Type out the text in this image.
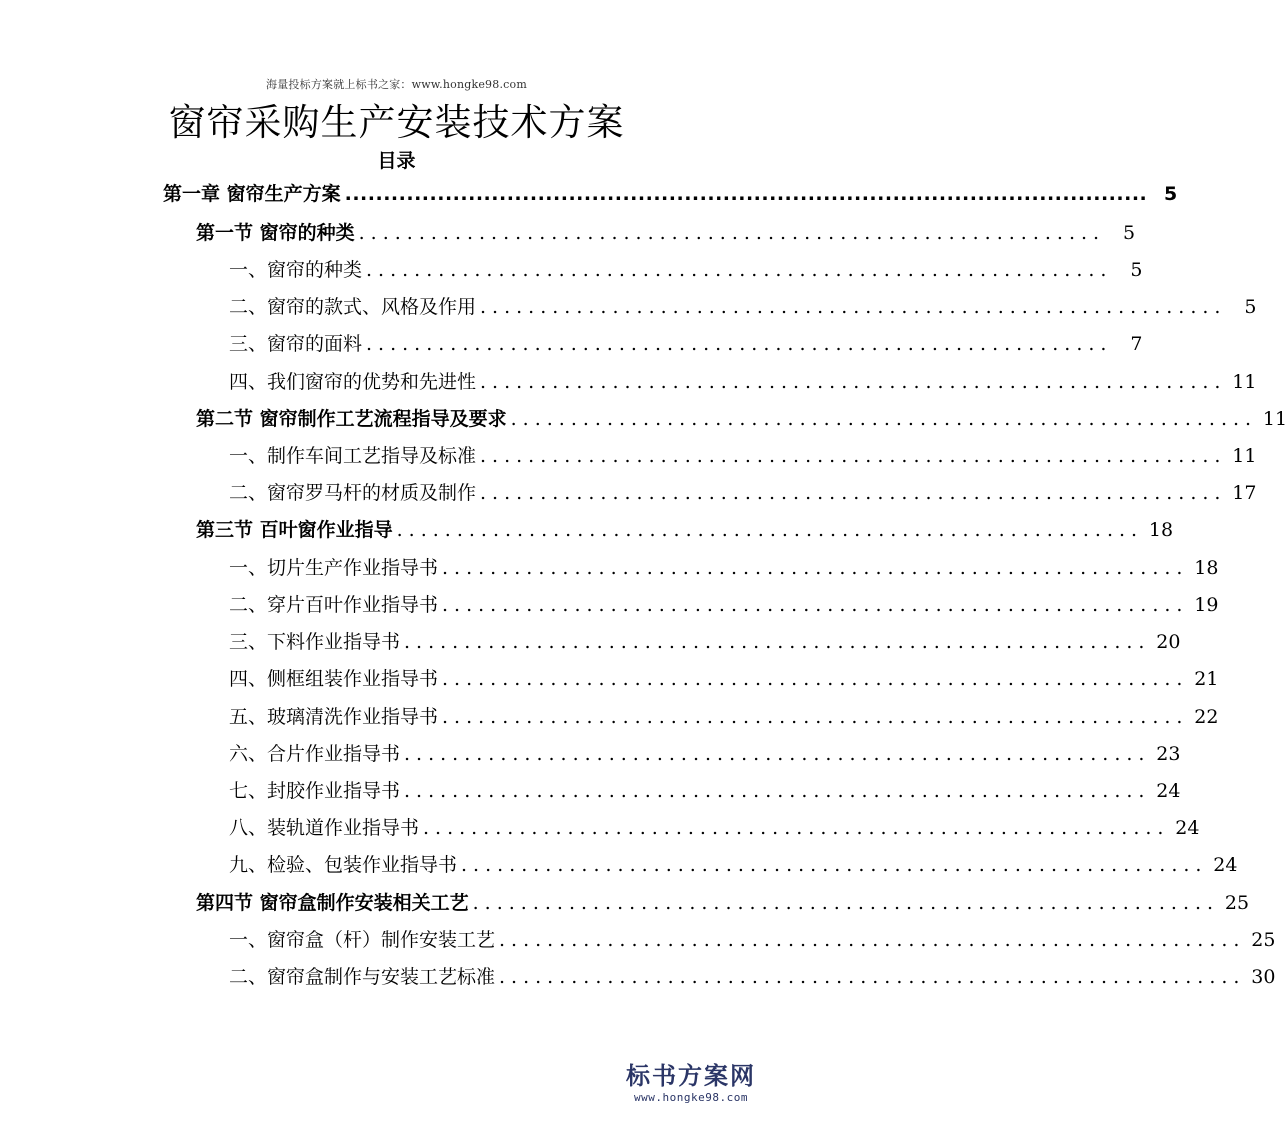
海量投标方案就上标书之家：www.hongke98.com
窗帘采购生产安装技术方案
目录
第一章 窗帘生产方案 ........................................................................................................ 5
第一节 窗帘的种类 .............................................................. 5
一、窗帘的种类 .............................................................. 5
二、窗帘的款式、风格及作用 .............................................................. 5
三、窗帘的面料 .............................................................. 7
四、我们窗帘的优势和先进性 .............................................................. 11
第二节 窗帘制作工艺流程指导及要求 .............................................................. 11
一、制作车间工艺指导及标准 .............................................................. 11
二、窗帘罗马杆的材质及制作 .............................................................. 17
第三节 百叶窗作业指导 .............................................................. 18
一、切片生产作业指导书 .............................................................. 18
二、穿片百叶作业指导书 .............................................................. 19
三、下料作业指导书 .............................................................. 20
四、侧框组装作业指导书 .............................................................. 21
五、玻璃清洗作业指导书 .............................................................. 22
六、合片作业指导书 .............................................................. 23
七、封胶作业指导书 .............................................................. 24
八、装轨道作业指导书 .............................................................. 24
九、检验、包装作业指导书 .............................................................. 24
第四节 窗帘盒制作安装相关工艺 .............................................................. 25
一、窗帘盒（杆）制作安装工艺 .............................................................. 25
二、窗帘盒制作与安装工艺标准 .............................................................. 30
标书方案网
www.hongke98.com
